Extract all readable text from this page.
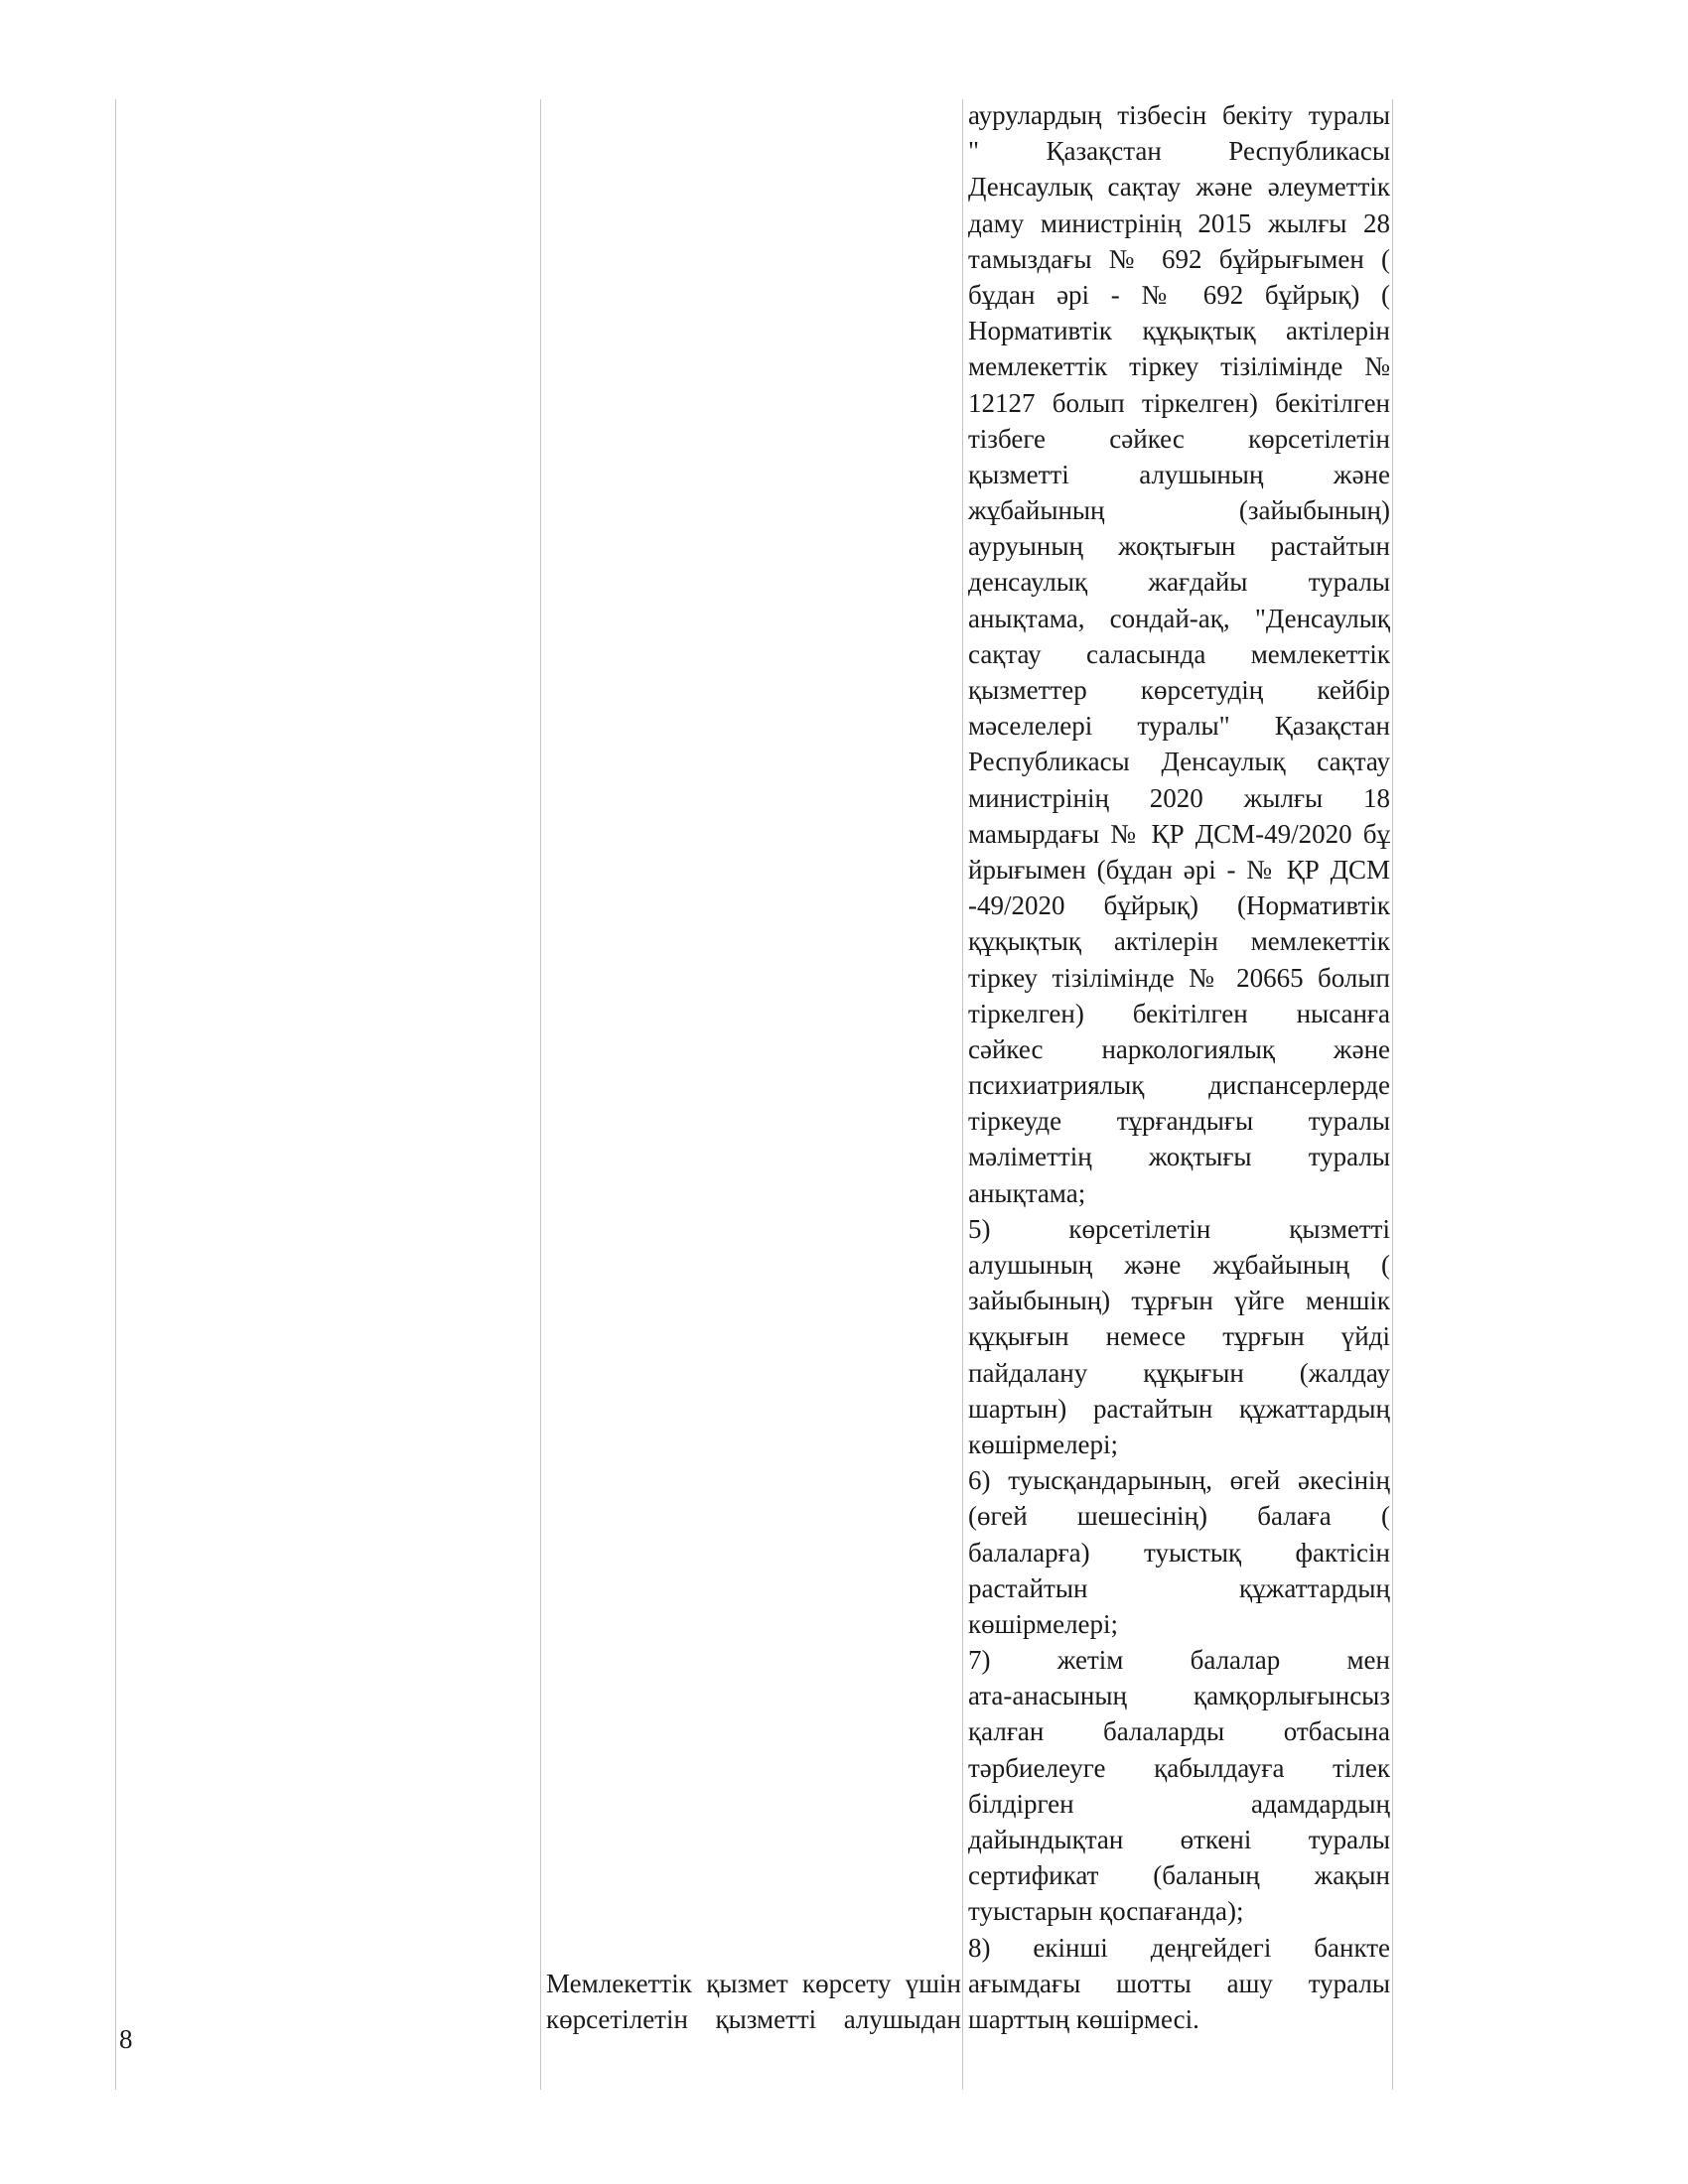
8
Мемлекеттік қызмет көрсету үшін
көрсетілетін қызметті алушыдан
аурулардың тізбесін бекіту туралы
" Қазақстан Республикасы
Денсаулық сақтау және әлеуметтік
даму министрінің 2015 жылғы 28
тамыздағы № 692 бұйрығымен (
бұдан әрі - № 692 бұйрық) (
Нормативтік құқықтық актілерін
мемлекеттік тіркеу тізілімінде №
12127 болып тіркелген) бекітілген
тізбеге сәйкес көрсетілетін
қызметті алушының және
жұбайының (зайыбының)
ауруының жоқтығын растайтын
денсаулық жағдайы туралы
анықтама, сондай-ақ, "Денсаулық
сақтау саласында мемлекеттік
қызметтер көрсетудің кейбір
мәселелері туралы" Қазақстан
Республикасы Денсаулық сақтау
министрінің 2020 жылғы 18
мамырдағы № ҚР ДСМ-49/2020 бұ
йрығымен (бұдан әрі - № ҚР ДСМ
-49/2020 бұйрық) (Нормативтік
құқықтық актілерін мемлекеттік
тіркеу тізілімінде № 20665 болып
тіркелген) бекітілген нысанға
сәйкес наркологиялық және
психиатриялық диспансерлерде
тіркеуде тұрғандығы туралы
мәліметтің жоқтығы туралы
анықтама;
5) көрсетілетін қызметті
алушының және жұбайының (
зайыбының) тұрғын үйге меншік
құқығын немесе тұрғын үйді
пайдалану құқығын (жалдау
шартын) растайтын құжаттардың
көшірмелері;
6) туысқандарының, өгей әкесінің
(өгей шешесінің) балаға (
балаларға) туыстық фактісін
растайтын құжаттардың
көшірмелері;
7) жетім балалар мен
ата-анасының қамқорлығынсыз
қалған балаларды отбасына
тәрбиелеуге қабылдауға тілек
білдірген адамдардың
дайындықтан өткені туралы
сертификат (баланың жақын
туыстарын қоспағанда);
8) екінші деңгейдегі банкте
ағымдағы шотты ашу туралы
шарттың көшірмесі.
